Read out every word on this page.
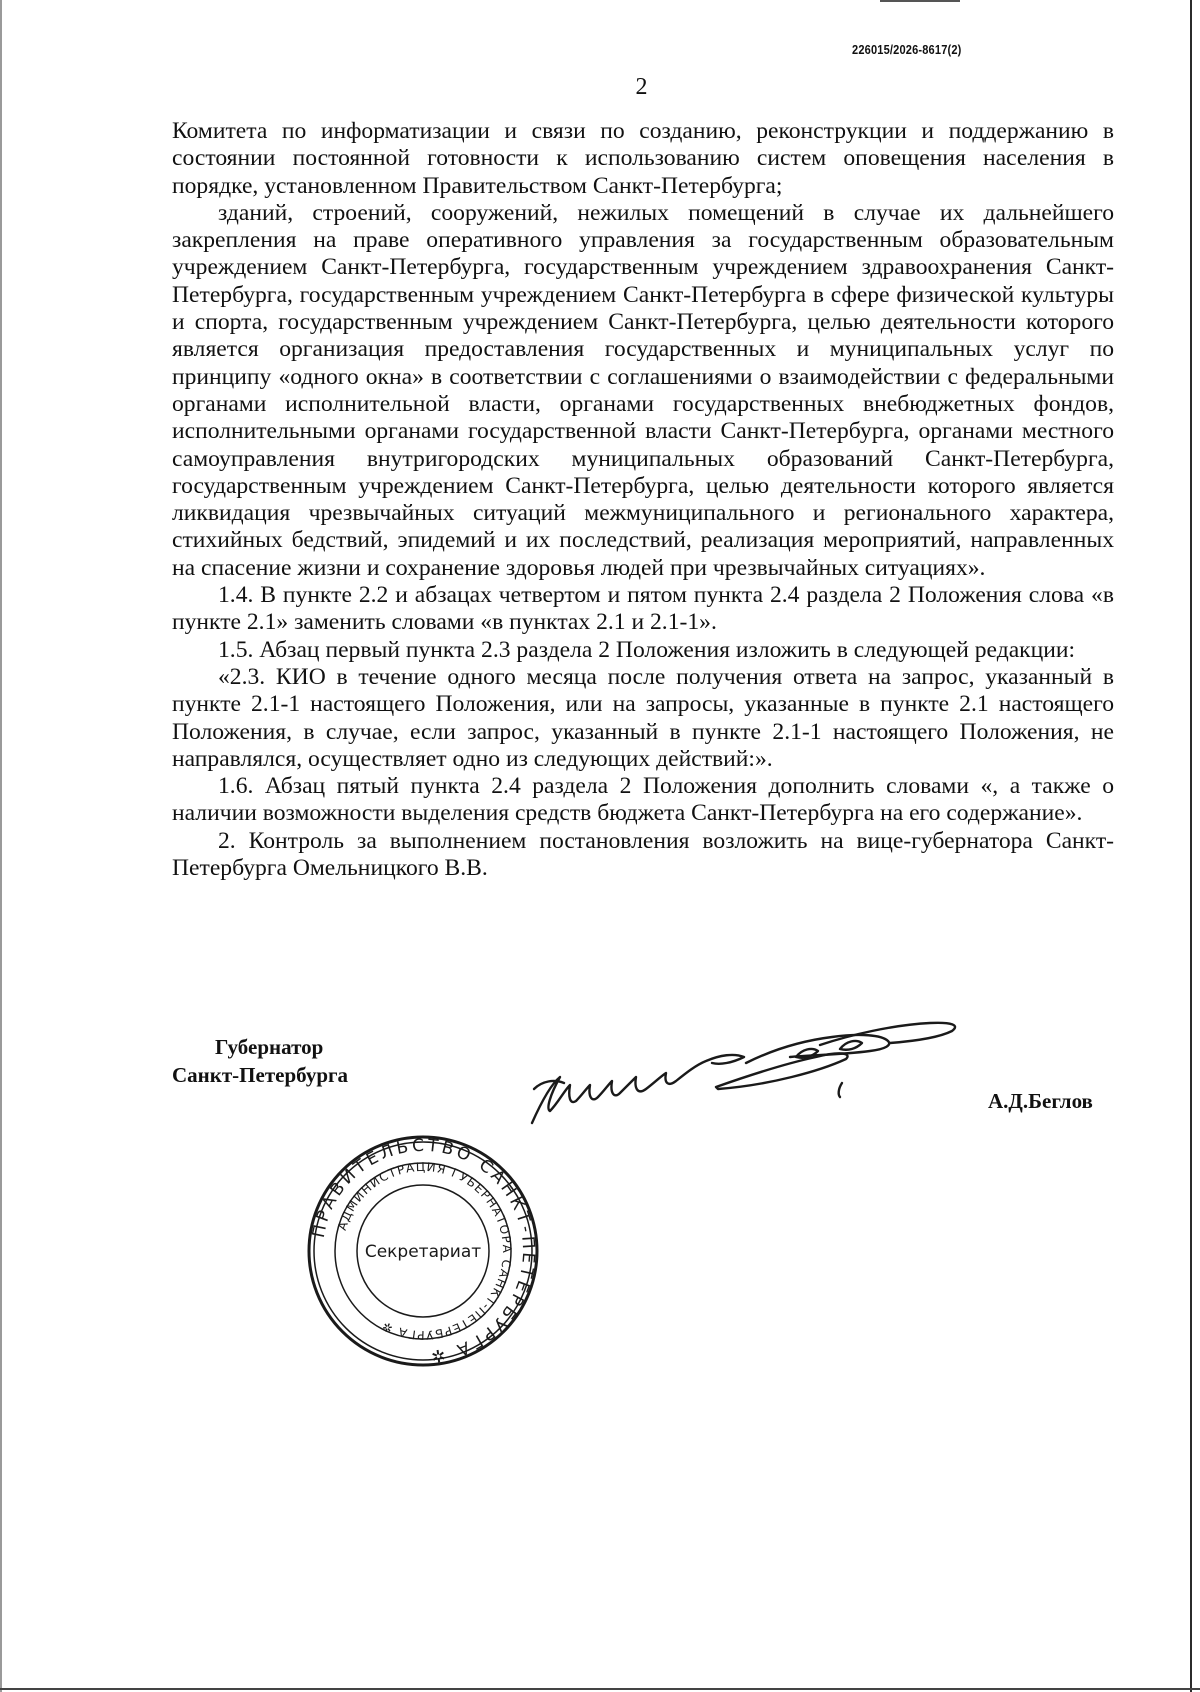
226015/2026-8617(2)
2

Комитета по информатизации и связи по созданию, реконструкции и поддержанию в состоянии постоянной готовности к использованию систем оповещения населения в порядке, установленном Правительством Санкт-Петербурга;

зданий, строений, сооружений, нежилых помещений в случае их дальнейшего закрепления на праве оперативного управления за государственным образовательным учреждением Санкт-Петербурга, государственным учреждением здравоохранения Санкт-Петербурга, государственным учреждением Санкт-Петербурга в сфере физической культуры и спорта, государственным учреждением Санкт-Петербурга, целью деятельности которого является организация предоставления государственных и муниципальных услуг по принципу «одного окна» в соответствии с соглашениями о взаимодействии с федеральными органами исполнительной власти, органами государственных внебюджетных фондов, исполнительными органами государственной власти Санкт-Петербурга, органами местного самоуправления внутригородских муниципальных образований Санкт-Петербурга, государственным учреждением Санкт-Петербурга, целью деятельности которого является ликвидация чрезвычайных ситуаций межмуниципального и регионального характера, стихийных бедствий, эпидемий и их последствий, реализация мероприятий, направленных на спасение жизни и сохранение здоровья людей при чрезвычайных ситуациях».

1.4. В пункте 2.2 и абзацах четвертом и пятом пункта 2.4 раздела 2 Положения слова «в пункте 2.1» заменить словами «в пунктах 2.1 и 2.1-1».

1.5. Абзац первый пункта 2.3 раздела 2 Положения изложить в следующей редакции:

«2.3. КИО в течение одного месяца после получения ответа на запрос, указанный в пункте 2.1-1 настоящего Положения, или на запросы, указанные в пункте 2.1 настоящего Положения, в случае, если запрос, указанный в пункте 2.1-1 настоящего Положения, не направлялся, осуществляет одно из следующих действий:».

1.6. Абзац пятый пункта 2.4 раздела 2 Положения дополнить словами «, а также о наличии возможности выделения средств бюджета Санкт-Петербурга на его содержание».

2. Контроль за выполнением постановления возложить на вице-губернатора Санкт-Петербурга Омельницкого В.В.

Губернатор
Санкт-Петербурга
А.Д.Беглов
ПРАВИТЕЛЬСТВО САНКТ-ПЕТЕРБУРГА ✲
АДМИНИСТРАЦИЯ ГУБЕРНАТОРА САНКТ-ПЕТЕРБУРГА ✲
Секретариат
